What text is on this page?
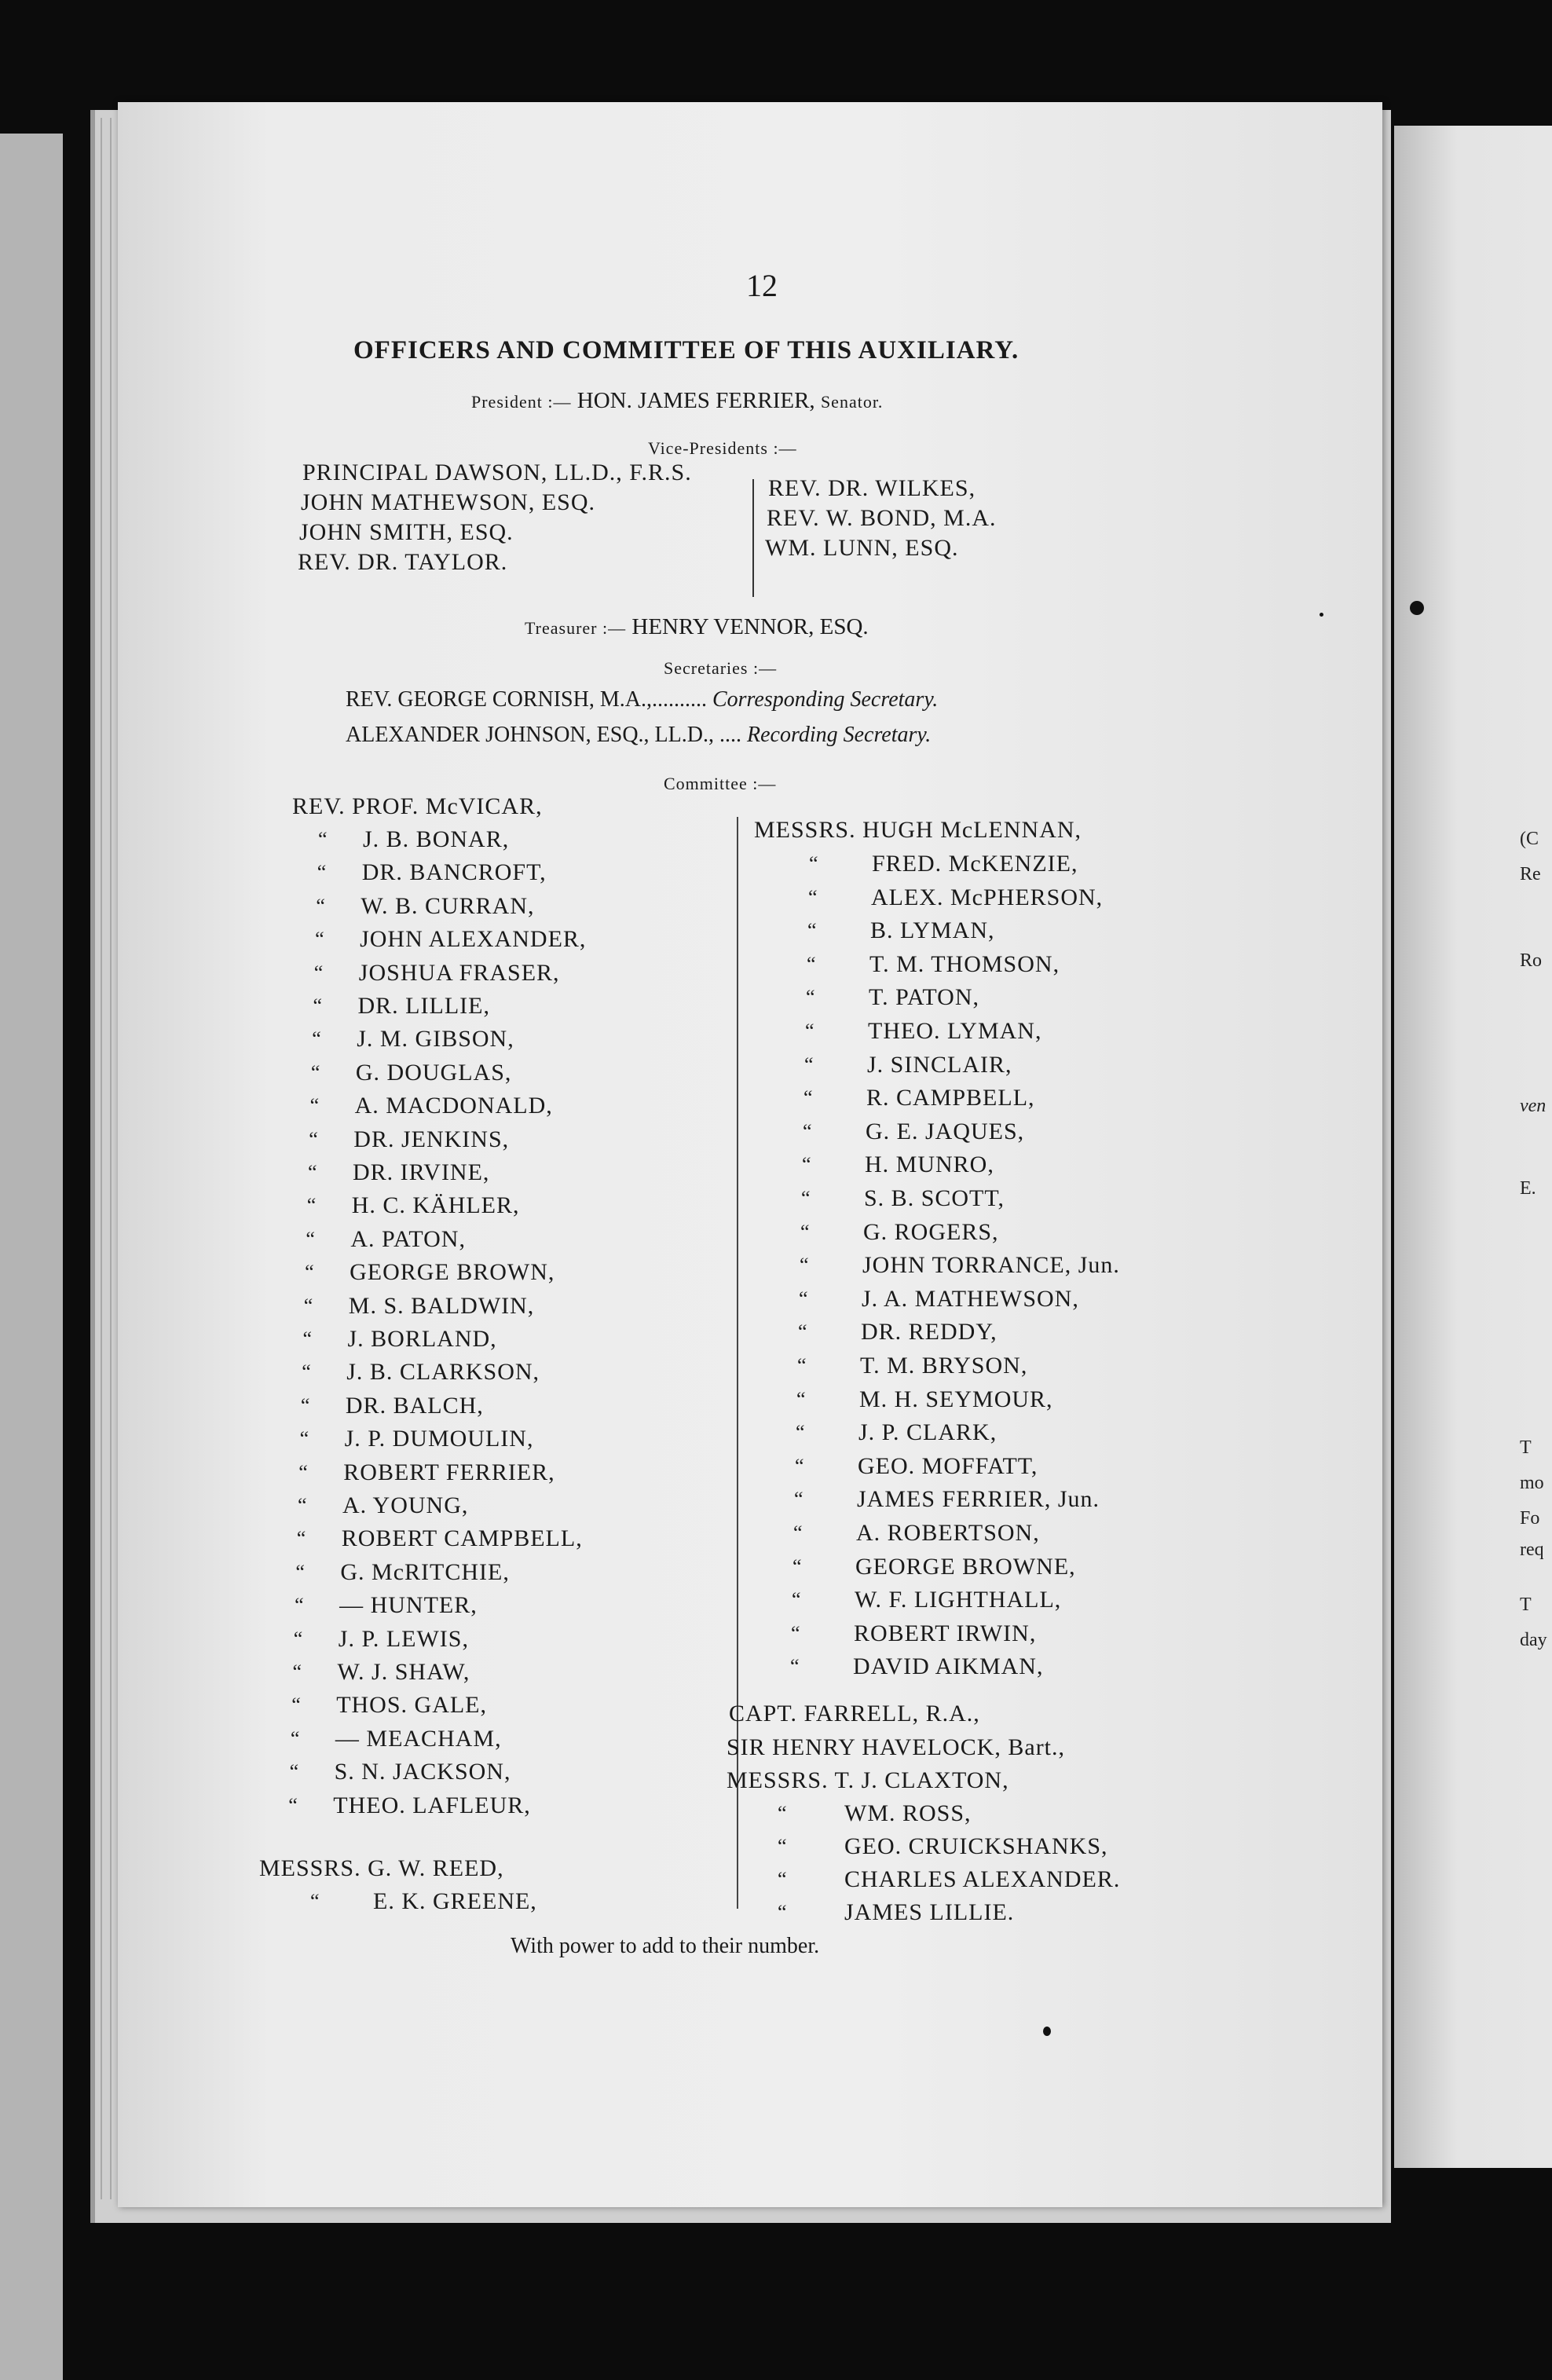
(C
Re
Ro
ven
E.
T
mo
Fo
req
T
day
12
OFFICERS AND COMMITTEE OF THIS AUXILIARY.
President :— HON. JAMES FERRIER, Senator.
Vice-Presidents :—
PRINCIPAL DAWSON, LL.D., F.R.S.
JOHN MATHEWSON, ESQ.
JOHN SMITH, ESQ.
REV. DR. TAYLOR.
REV. DR. WILKES,
REV. W. BOND, M.A.
WM. LUNN, ESQ.
Treasurer :— HENRY VENNOR, ESQ.
Secretaries :—
REV. GEORGE CORNISH, M.A.,.......... Corresponding Secretary.
ALEXANDER JOHNSON, ESQ., LL.D., .... Recording Secretary.
Committee :—
REV. PROF. McVICAR,
“ J. B. BONAR,
“ DR. BANCROFT,
“ W. B. CURRAN,
“ JOHN ALEXANDER,
“ JOSHUA FRASER,
“ DR. LILLIE,
“ J. M. GIBSON,
“ G. DOUGLAS,
“ A. MACDONALD,
“ DR. JENKINS,
“ DR. IRVINE,
“ H. C. KÄHLER,
“ A. PATON,
“ GEORGE BROWN,
“ M. S. BALDWIN,
“ J. BORLAND,
“ J. B. CLARKSON,
“ DR. BALCH,
“ J. P. DUMOULIN,
“ ROBERT FERRIER,
“ A. YOUNG,
“ ROBERT CAMPBELL,
“ G. McRITCHIE,
“ — HUNTER,
“ J. P. LEWIS,
“ W. J. SHAW,
“ THOS. GALE,
“ — MEACHAM,
“ S. N. JACKSON,
“ THEO. LAFLEUR,
MESSRS. G. W. REED,
“ E. K. GREENE,
MESSRS. HUGH McLENNAN,
“ FRED. McKENZIE,
“ ALEX. McPHERSON,
“ B. LYMAN,
“ T. M. THOMSON,
“ T. PATON,
“ THEO. LYMAN,
“ J. SINCLAIR,
“ R. CAMPBELL,
“ G. E. JAQUES,
“ H. MUNRO,
“ S. B. SCOTT,
“ G. ROGERS,
“ JOHN TORRANCE, Jun.
“ J. A. MATHEWSON,
“ DR. REDDY,
“ T. M. BRYSON,
“ M. H. SEYMOUR,
“ J. P. CLARK,
“ GEO. MOFFATT,
“ JAMES FERRIER, Jun.
“ A. ROBERTSON,
“ GEORGE BROWNE,
“ W. F. LIGHTHALL,
“ ROBERT IRWIN,
“ DAVID AIKMAN,
CAPT. FARRELL, R.A.,
SIR HENRY HAVELOCK, Bart.,
MESSRS. T. J. CLAXTON,
“ WM. ROSS,
“ GEO. CRUICKSHANKS,
“ CHARLES ALEXANDER.
“ JAMES LILLIE.
With power to add to their number.
